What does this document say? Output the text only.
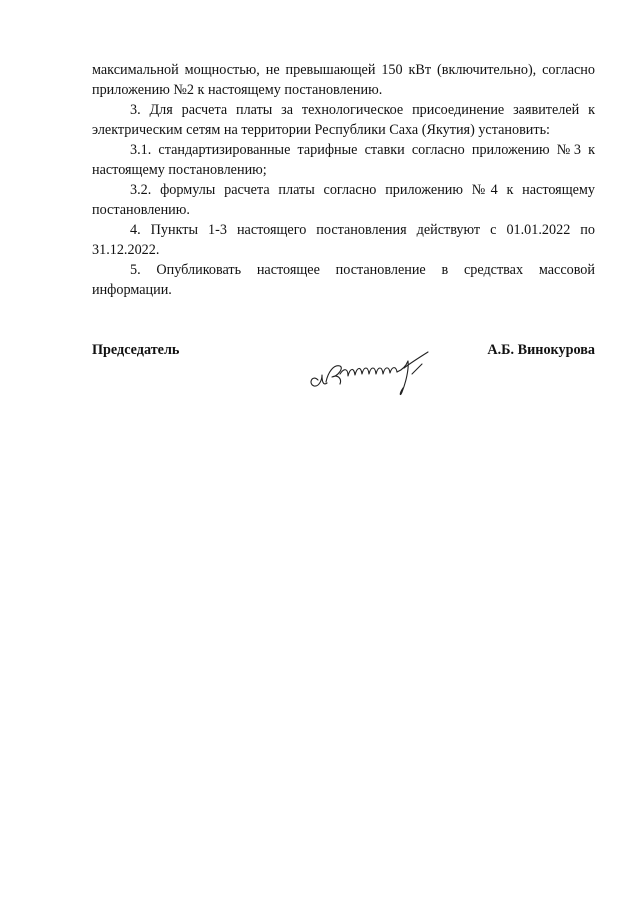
максимальной мощностью, не превышающей 150 кВт (включительно), согласно приложению №2 к настоящему постановлению.

3. Для расчета платы за технологическое присоединение заявителей к электрическим сетям на территории Республики Саха (Якутия) установить:

3.1. стандартизированные тарифные ставки согласно приложению №3 к настоящему постановлению;

3.2. формулы расчета платы согласно приложению №4 к настоящему постановлению.

4. Пункты 1-3 настоящего постановления действуют с 01.01.2022 по 31.12.2022.

5. Опубликовать настоящее постановление в средствах массовой информации.

Председатель	А.Б. Винокурова
